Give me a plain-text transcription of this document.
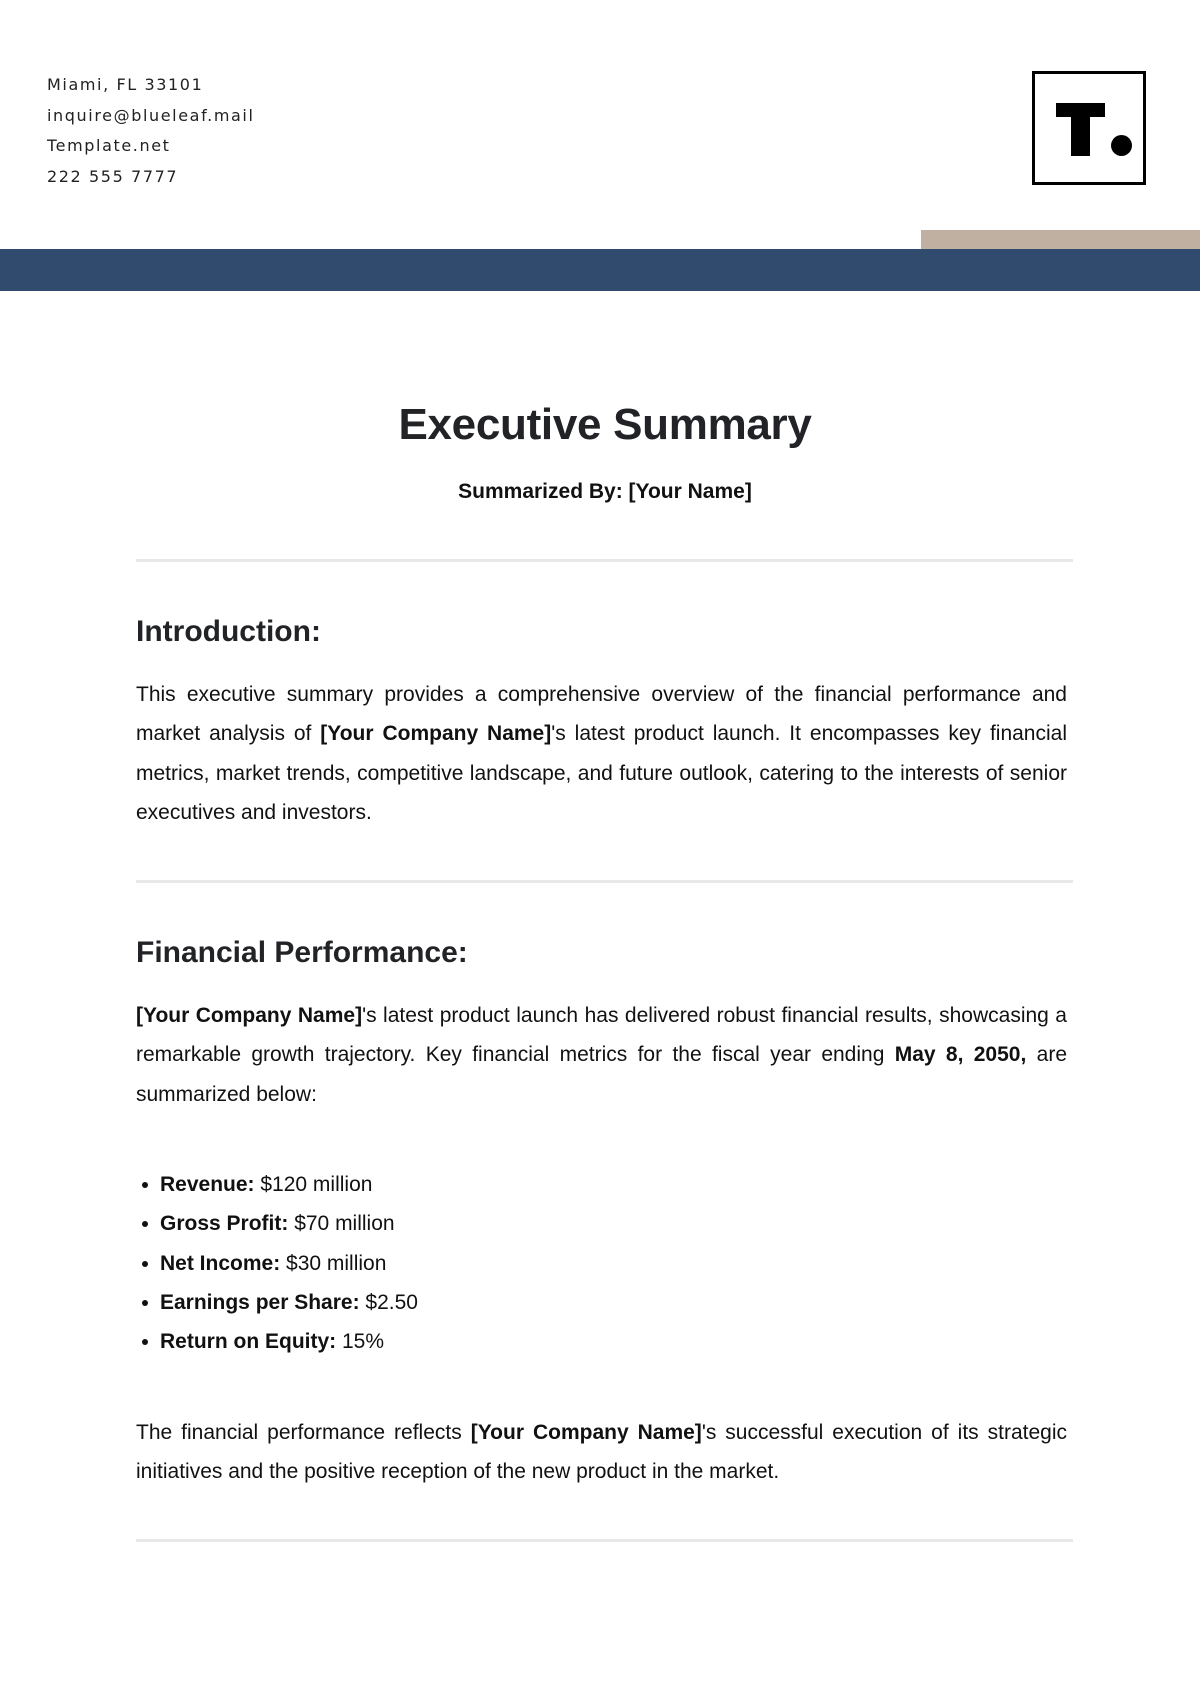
Miami, FL 33101
inquire@blueleaf.mail
Template.net
222 555 7777
Executive Summary
Summarized By: [Your Name]
Introduction:

This executive summary provides a comprehensive overview of the financial performance and market analysis of [Your Company Name]'s latest product launch. It encompasses key financial metrics, market trends, competitive landscape, and future outlook, catering to the interests of senior executives and investors.

Financial Performance:

[Your Company Name]'s latest product launch has delivered robust financial results, showcasing a remarkable growth trajectory. Key financial metrics for the fiscal year ending May 8, 2050, are summarized below:

Revenue: $120 million
Gross Profit: $70 million
Net Income: $30 million
Earnings per Share: $2.50
Return on Equity: 15%

The financial performance reflects [Your Company Name]'s successful execution of its strategic initiatives and the positive reception of the new product in the market.
